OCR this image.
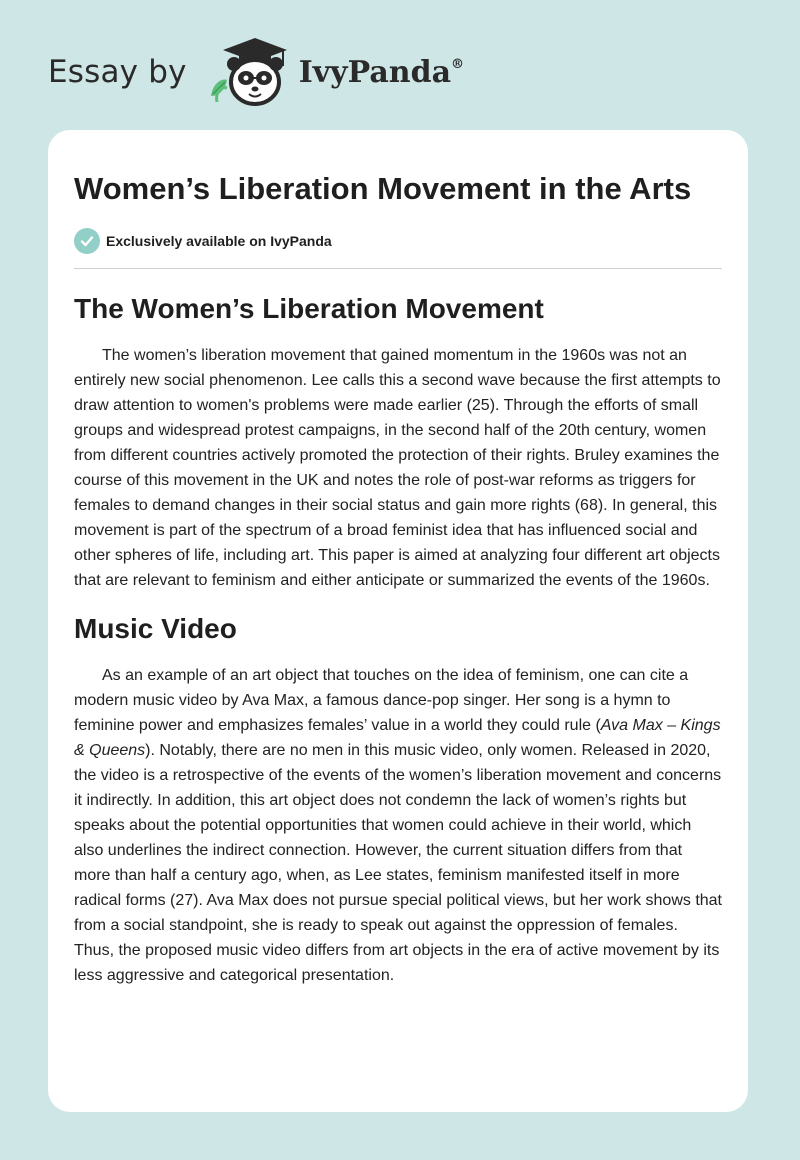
Essay by	IvyPanda®
Women’s Liberation Movement in the Arts
Exclusively available on IvyPanda
The Women’s Liberation Movement

The women’s liberation movement that gained momentum in the 1960s was not an entirely new social phenomenon. Lee calls this a second wave because the first attempts to draw attention to women's problems were made earlier (25). Through the efforts of small groups and widespread protest campaigns, in the second half of the 20th century, women from different countries actively promoted the protection of their rights. Bruley examines the course of this movement in the UK and notes the role of post-war reforms as triggers for females to demand changes in their social status and gain more rights (68). In general, this movement is part of the spectrum of a broad feminist idea that has influenced social and other spheres of life, including art. This paper is aimed at analyzing four different art objects that are relevant to feminism and either anticipate or summarized the events of the 1960s.

Music Video

As an example of an art object that touches on the idea of feminism, one can cite a modern music video by Ava Max, a famous dance-pop singer. Her song is a hymn to feminine power and emphasizes females’ value in a world they could rule (Ava Max – Kings & Queens). Notably, there are no men in this music video, only women. Released in 2020, the video is a retrospective of the events of the women’s liberation movement and concerns it indirectly. In addition, this art object does not condemn the lack of women’s rights but speaks about the potential opportunities that women could achieve in their world, which also underlines the indirect connection. However, the current situation differs from that more than half a century ago, when, as Lee states, feminism manifested itself in more radical forms (27). Ava Max does not pursue special political views, but her work shows that from a social standpoint, she is ready to speak out against the oppression of females. Thus, the proposed music video differs from art objects in the era of active movement by its less aggressive and categorical presentation.
